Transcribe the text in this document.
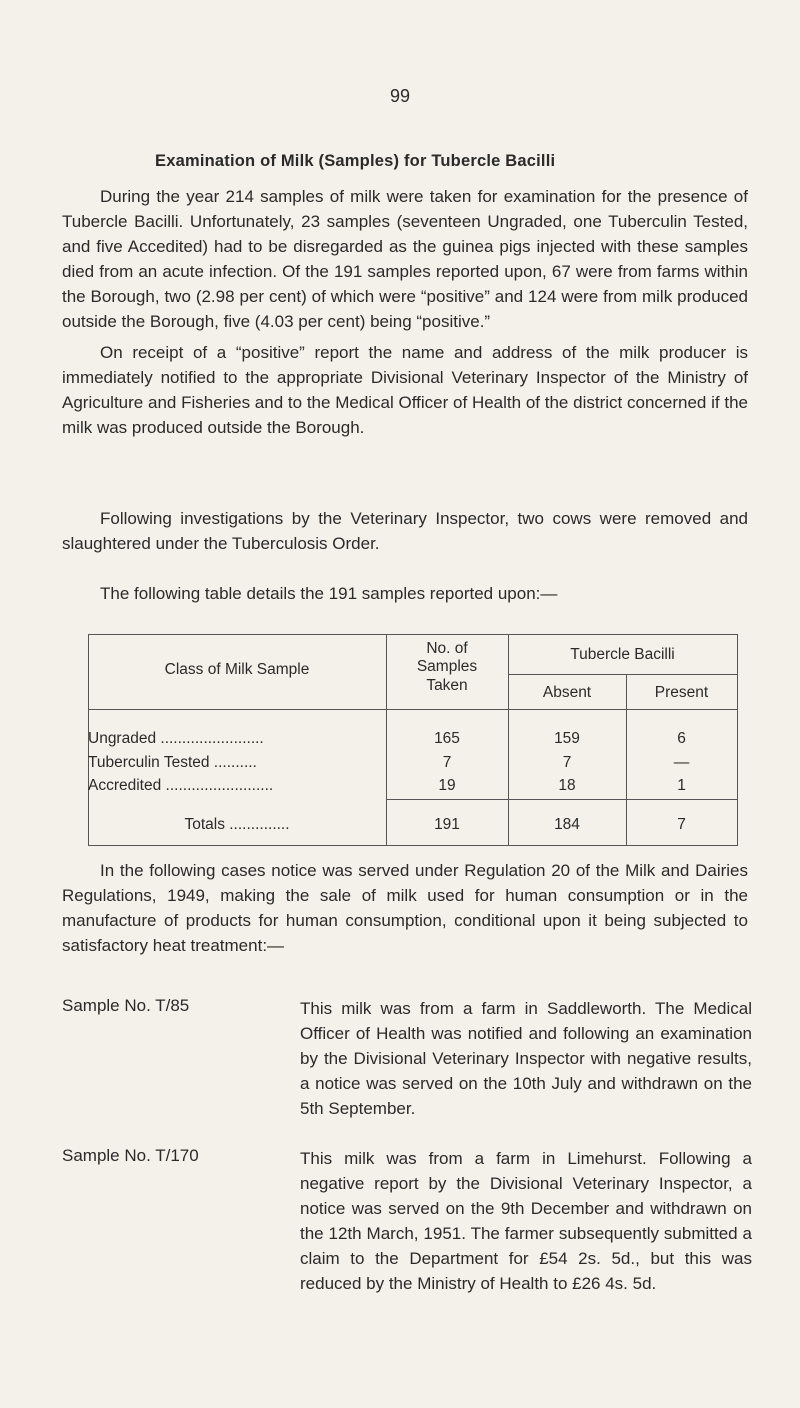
99
Examination of Milk (Samples) for Tubercle Bacilli

During the year 214 samples of milk were taken for examination for the presence of Tubercle Bacilli. Unfortunately, 23 samples (seventeen Ungraded, one Tuberculin Tested, and five Accedited) had to be disregarded as the guinea pigs injected with these samples died from an acute infection. Of the 191 samples reported upon, 67 were from farms within the Borough, two (2.98 per cent) of which were “positive” and 124 were from milk produced outside the Borough, five (4.03 per cent) being “positive.”

On receipt of a “positive” report the name and address of the milk producer is immediately notified to the appropriate Divisional Veterinary Inspector of the Ministry of Agriculture and Fisheries and to the Medical Officer of Health of the district concerned if the milk was produced outside the Borough.

Following investigations by the Veterinary Inspector, two cows were removed and slaughtered under the Tuberculosis Order.

The following table details the 191 samples reported upon:—

Class of Milk Sample
No. of
Samples
Taken
Tubercle Bacilli
Absent	Present
Ungraded ........................	165	159	6
Tuberculin Tested ..........	7	7	—
Accredited .........................	19	18	1
Totals ..............	191	184	7

In the following cases notice was served under Regulation 20 of the Milk and Dairies Regulations, 1949, making the sale of milk used for human consumption or in the manufacture of products for human consumption, conditional upon it being subjected to satisfactory heat treatment:—

Sample No. T/85	This milk was from a farm in Saddleworth. The Medical Officer of Health was notified and following an examination by the Divisional Veterinary Inspector with negative results, a notice was served on the 10th July and withdrawn on the 5th September.

Sample No. T/170	This milk was from a farm in Limehurst. Following a negative report by the Divisional Veterinary Inspector, a notice was served on the 9th December and withdrawn on the 12th March, 1951. The farmer subsequently submitted a claim to the Department for £54 2s. 5d., but this was reduced by the Ministry of Health to £26 4s. 5d.
